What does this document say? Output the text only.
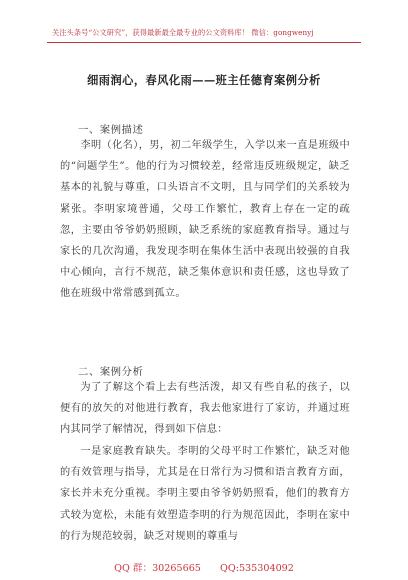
关注头条号“公文研究”，获得最新最全最专业的公文资料库！ 微信：gongwenyj
细雨润心，春风化雨——班主任德育案例分析
一、案例描述
李明（化名），男，初二年级学生，入学以来一直是班级中的“问题学生”。他的行为习惯较差，经常违反班级规定，缺乏基本的礼貌与尊重，口头语言不文明，且与同学们的关系较为紧张。李明家境普通，父母工作繁忙，教育上存在一定的疏忽，主要由爷爷奶奶照顾，缺乏系统的家庭教育指导。通过与家长的几次沟通，我发现李明在集体生活中表现出较强的自我中心倾向，言行不规范，缺乏集体意识和责任感，这也导致了他在班级中常常感到孤立。
二、案例分析
为了了解这个看上去有些活泼，却又有些自私的孩子，以便有的放矢的对他进行教育，我去他家进行了家访，并通过班内其同学了解情况，得到如下信息：
一是家庭教育缺失。李明的父母平时工作繁忙，缺乏对他的有效管理与指导，尤其是在日常行为习惯和语言教育方面，家长并未充分重视。李明主要由爷爷奶奶照看，他们的教育方式较为宽松，未能有效塑造李明的行为规范因此，李明在家中的行为规范较弱，缺乏对规则的尊重与
QQ 群：30265665 QQ:535304092
